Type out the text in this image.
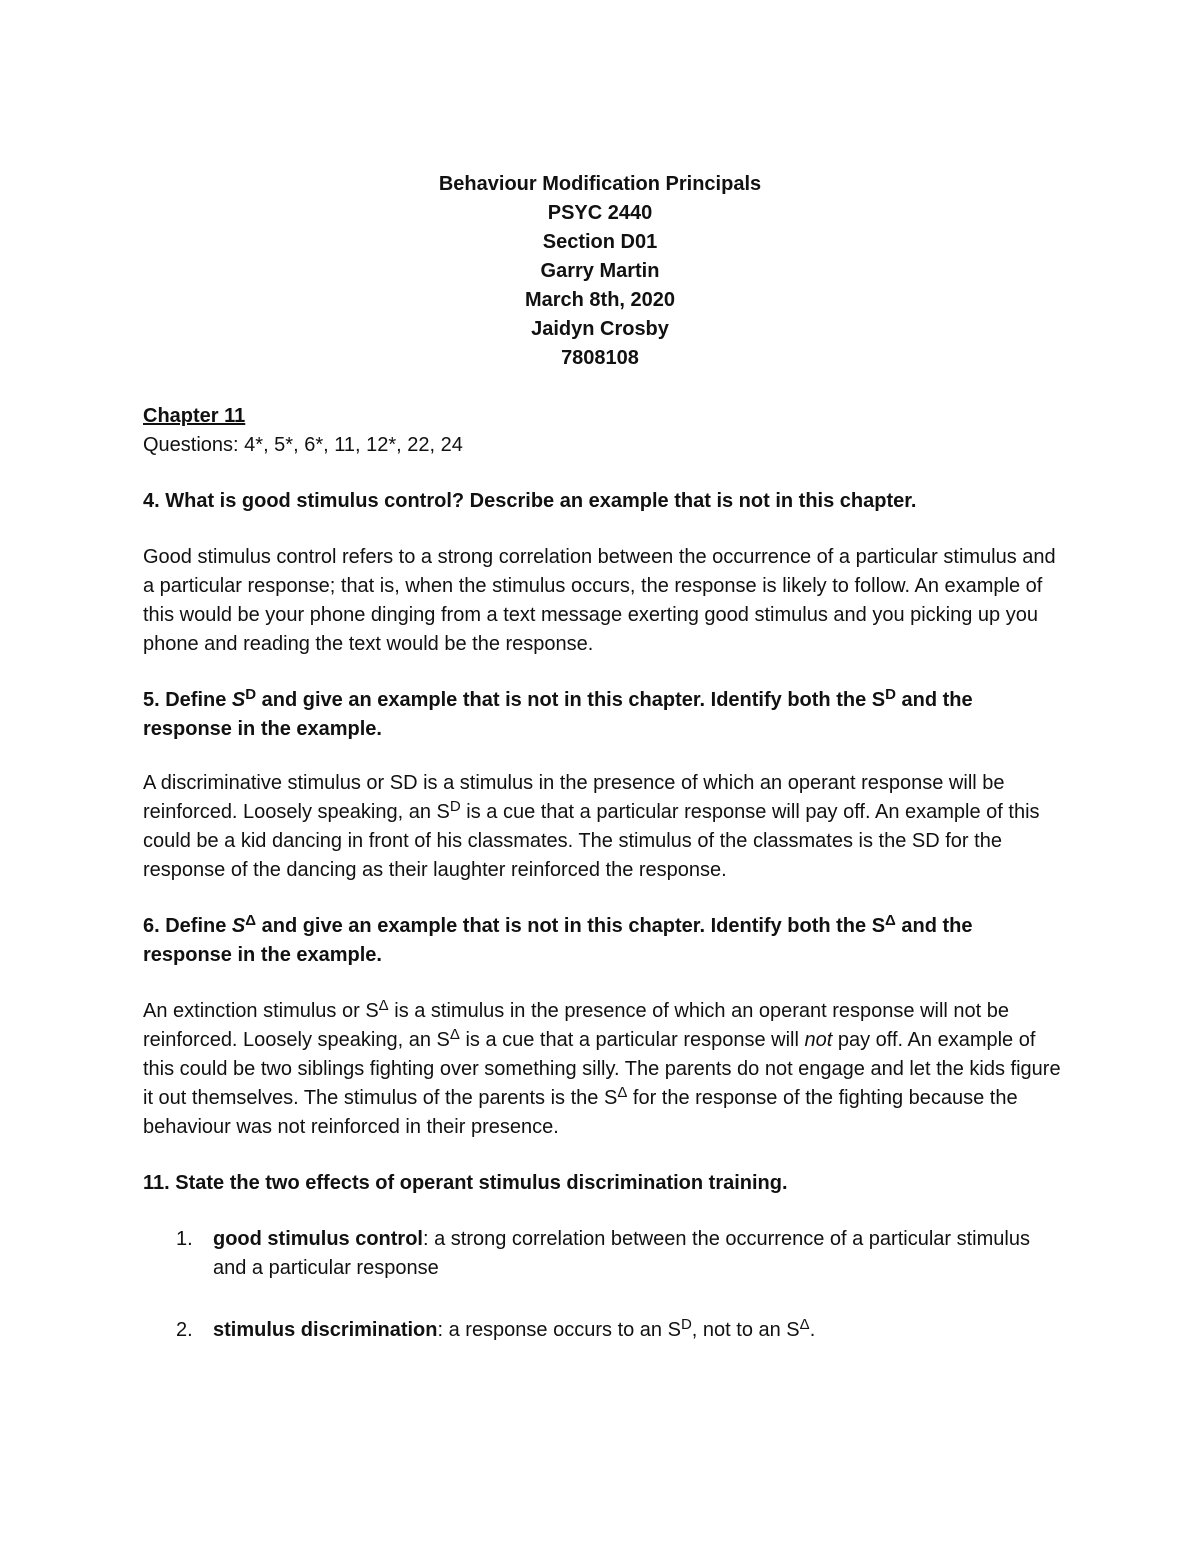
Behaviour Modification Principals
PSYC 2440
Section D01
Garry Martin
March 8th, 2020
Jaidyn Crosby
7808108
Chapter 11
Questions: 4*, 5*, 6*, 11, 12*, 22, 24
4. What is good stimulus control? Describe an example that is not in this chapter.
Good stimulus control refers to a strong correlation between the occurrence of a particular stimulus and a particular response; that is, when the stimulus occurs, the response is likely to follow. An example of this would be your phone dinging from a text message exerting good stimulus and you picking up you phone and reading the text would be the response.
5. Define $S^D$ and give an example that is not in this chapter. Identify both the $S^D$ and the response in the example.
A discriminative stimulus or SD is a stimulus in the presence of which an operant response will be reinforced. Loosely speaking, an $S^D$ is a cue that a particular response will pay off. An example of this could be a kid dancing in front of his classmates. The stimulus of the classmates is the SD for the response of the dancing as their laughter reinforced the response.
6. Define $S^\Delta$ and give an example that is not in this chapter. Identify both the $S^\Delta$ and the response in the example.
An extinction stimulus or $S^\Delta$ is a stimulus in the presence of which an operant response will not be reinforced. Loosely speaking, an $S^\Delta$ is a cue that a particular response will not pay off. An example of this could be two siblings fighting over something silly. The parents do not engage and let the kids figure it out themselves. The stimulus of the parents is the $S^\Delta$ for the response of the fighting because the behaviour was not reinforced in their presence.
11. State the two effects of operant stimulus discrimination training.
1. good stimulus control: a strong correlation between the occurrence of a particular stimulus and a particular response
2. stimulus discrimination: a response occurs to an $S^D$, not to an $S^\Delta$.
